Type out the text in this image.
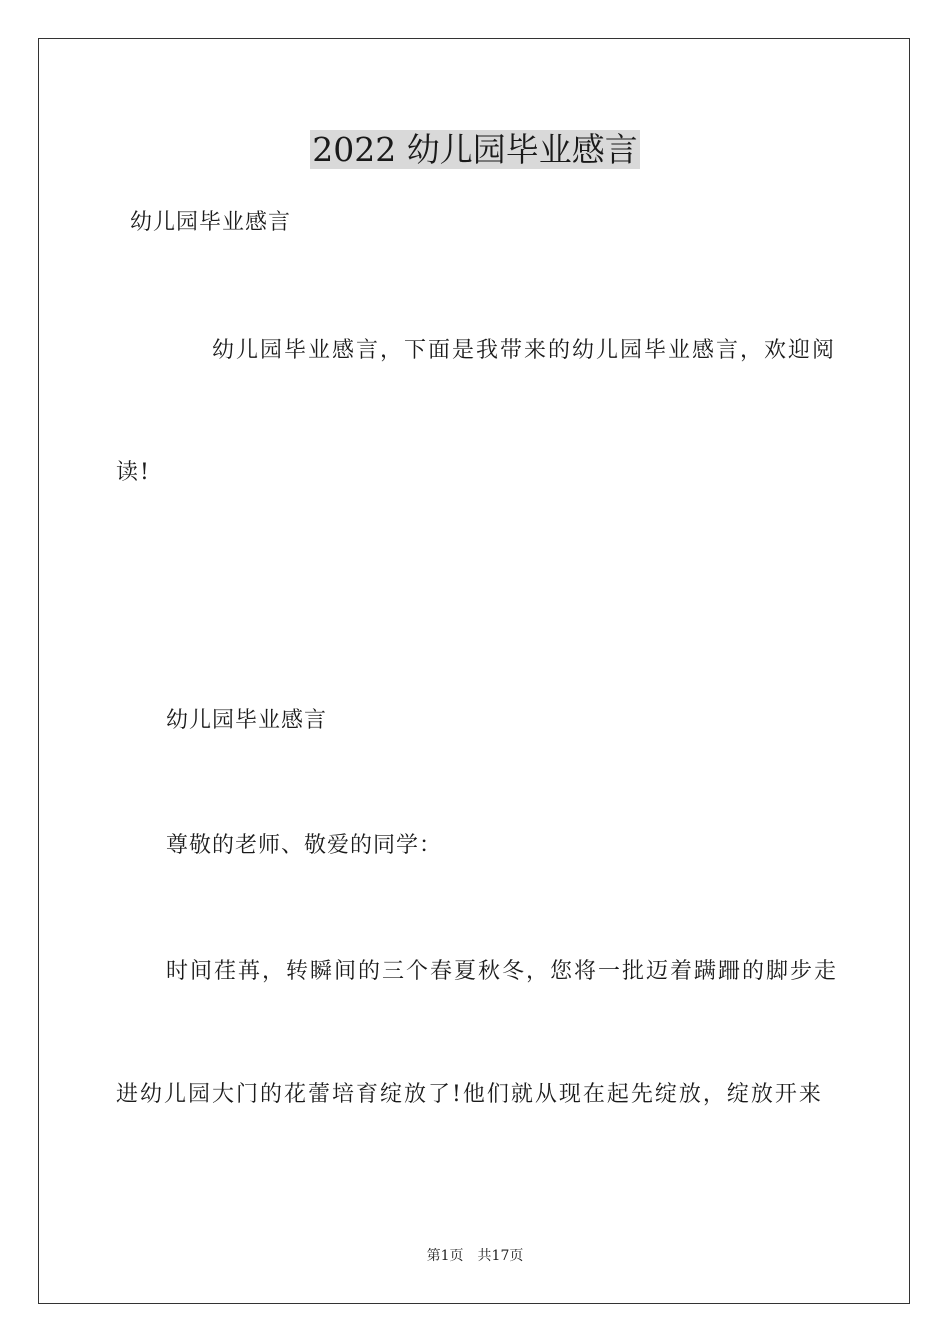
2022 幼儿园毕业感言

幼儿园毕业感言

幼儿园毕业感言，下面是我带来的幼儿园毕业感言，欢迎阅

读!

幼儿园毕业感言

尊敬的老师、敬爱的同学：

时间荏苒，转瞬间的三个春夏秋冬，您将一批迈着蹒跚的脚步走

进幼儿园大门的花蕾培育绽放了!他们就从现在起先绽放，绽放开来

第1页 共17页
